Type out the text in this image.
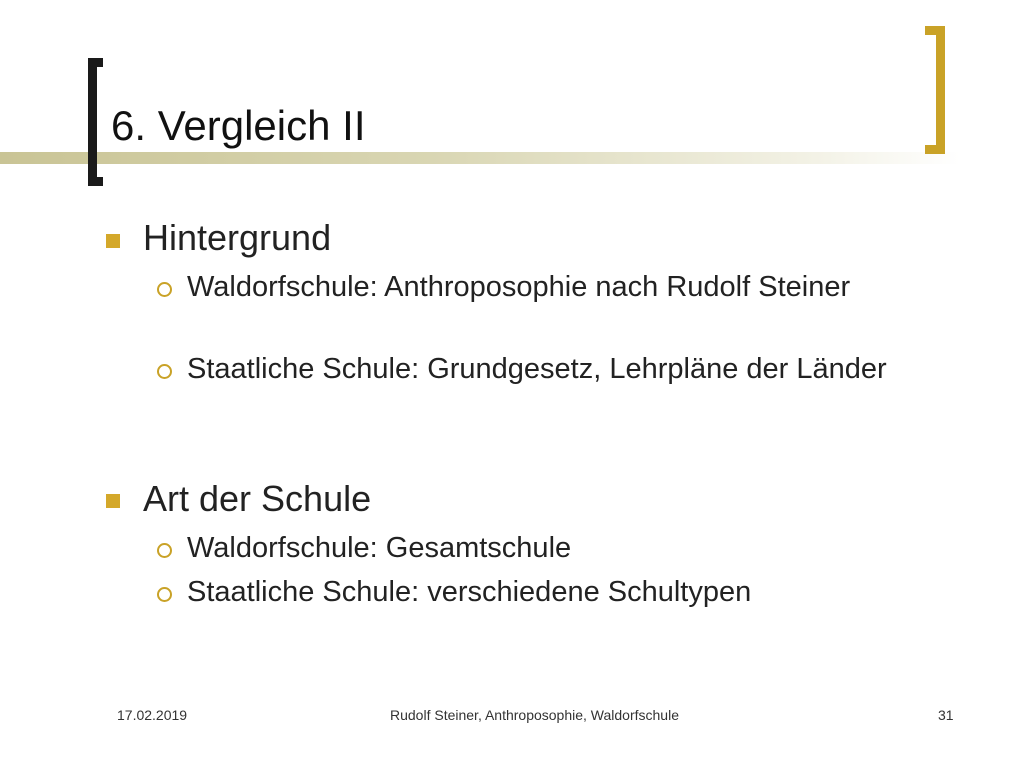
6. Vergleich II
Hintergrund
Waldorfschule: Anthroposophie nach Rudolf Steiner
Staatliche Schule: Grundgesetz, Lehrpläne der Länder
Art der Schule
Waldorfschule: Gesamtschule
Staatliche Schule: verschiedene Schultypen
17.02.2019	Rudolf Steiner, Anthroposophie, Waldorfschule	31
